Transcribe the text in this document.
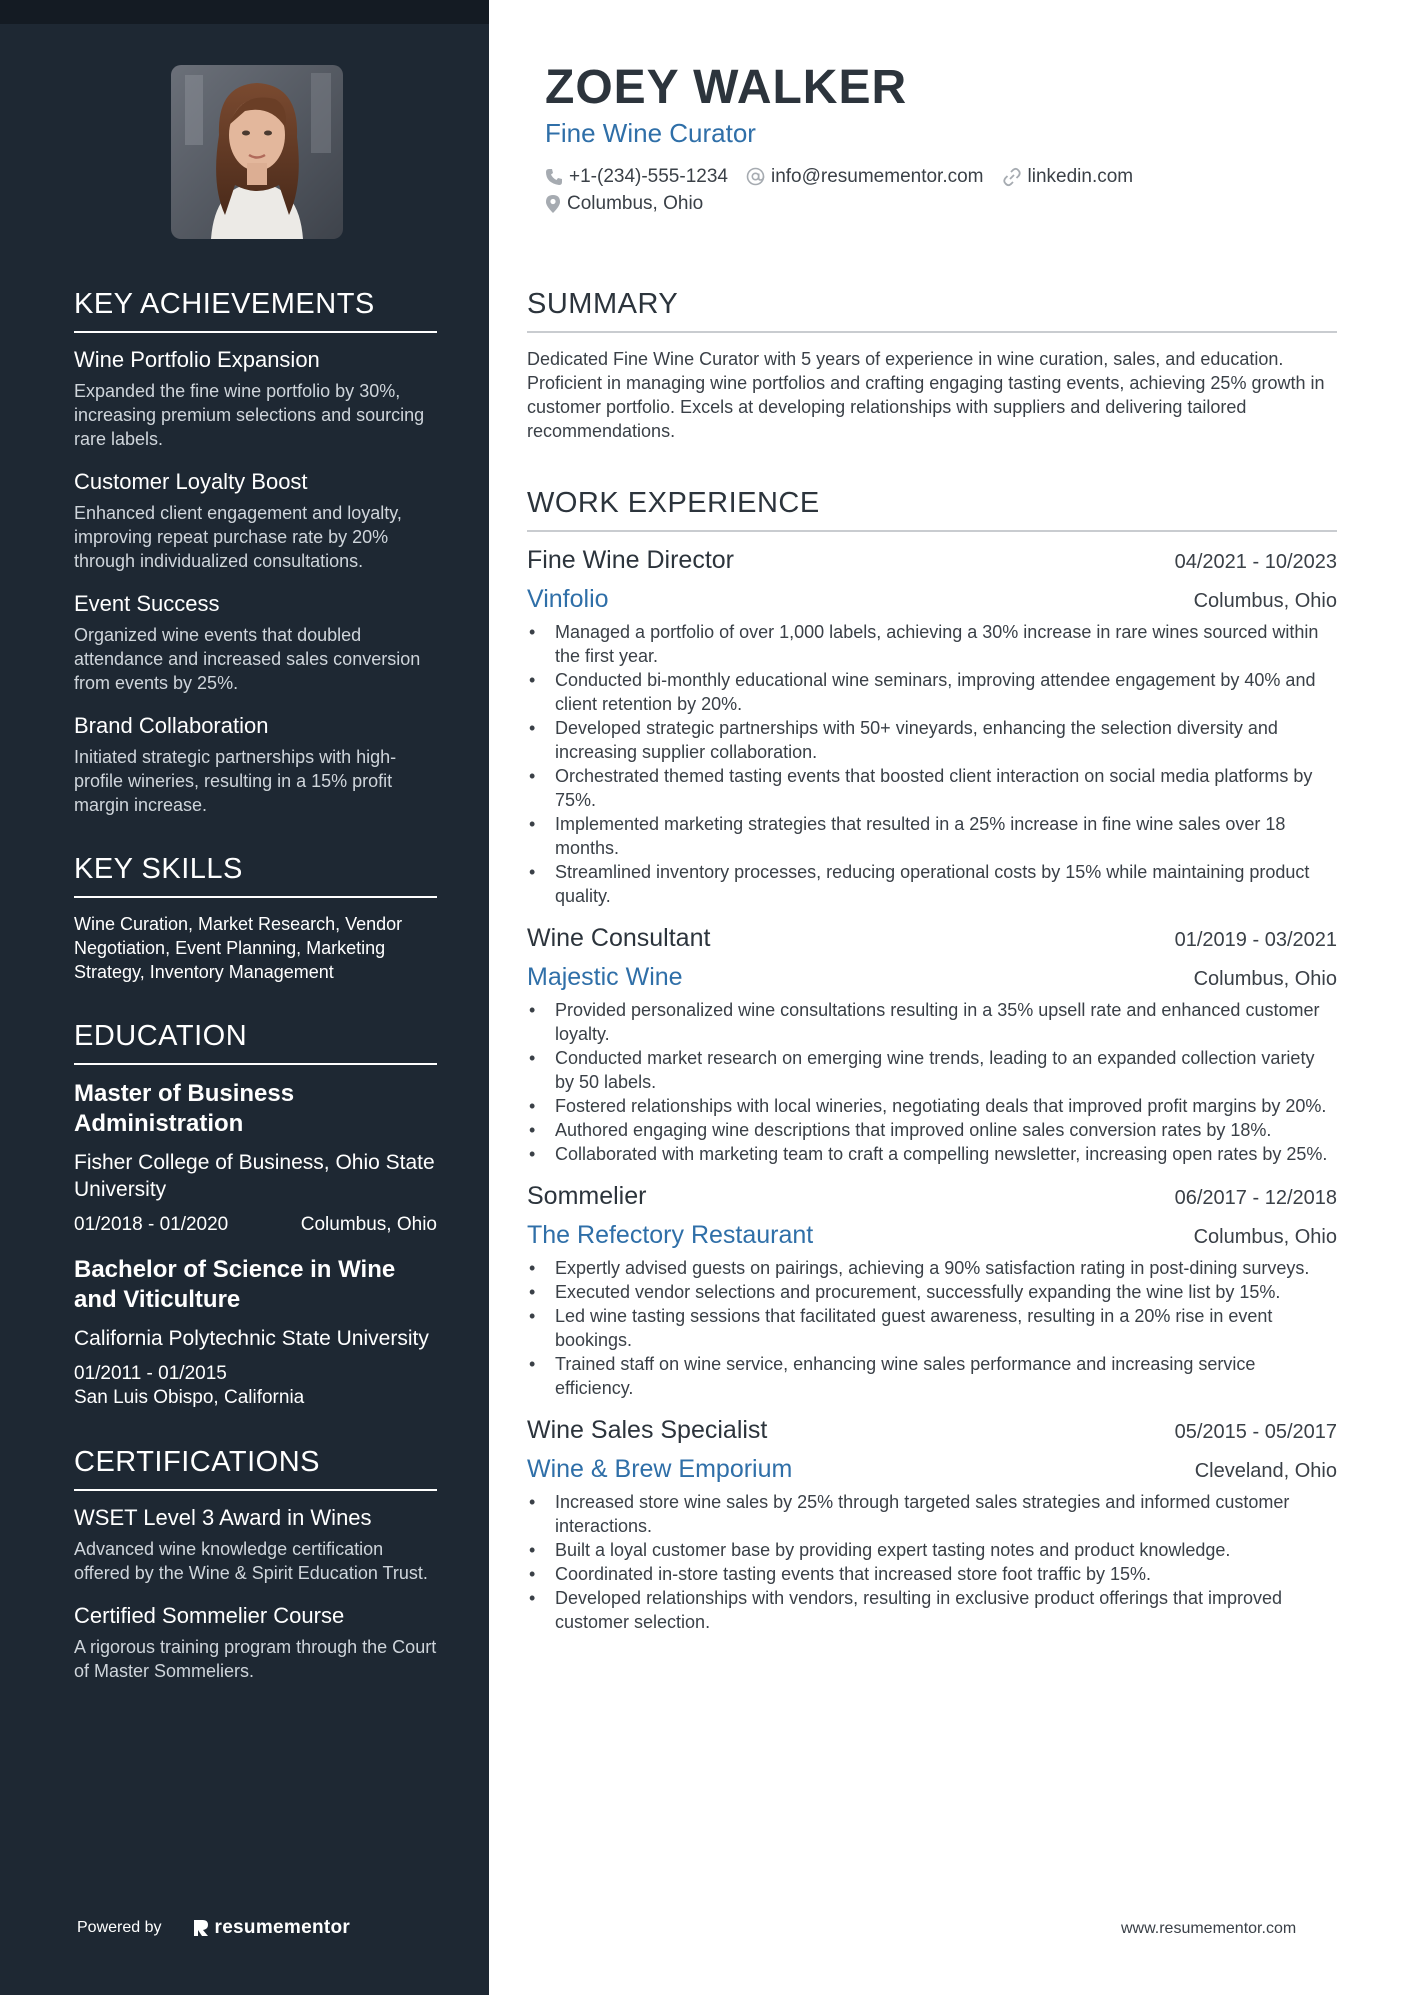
KEY ACHIEVEMENTS
Wine Portfolio Expansion
Expanded the fine wine portfolio by 30%, increasing premium selections and sourcing rare labels.
Customer Loyalty Boost
Enhanced client engagement and loyalty, improving repeat purchase rate by 20% through individualized consultations.
Event Success
Organized wine events that doubled attendance and increased sales conversion from events by 25%.
Brand Collaboration
Initiated strategic partnerships with high-profile wineries, resulting in a 15% profit margin increase.
KEY SKILLS
Wine Curation, Market Research, Vendor Negotiation, Event Planning, Marketing Strategy, Inventory Management
EDUCATION
Master of Business Administration
Fisher College of Business, Ohio State University
01/2018 - 01/2020	Columbus, Ohio
Bachelor of Science in Wine and Viticulture
California Polytechnic State University
01/2011 - 01/2015
San Luis Obispo, California
CERTIFICATIONS
WSET Level 3 Award in Wines
Advanced wine knowledge certification offered by the Wine & Spirit Education Trust.
Certified Sommelier Course
A rigorous training program through the Court of Master Sommeliers.
Powered by	resumementor
ZOEY WALKER
Fine Wine Curator
+1-(234)-555-1234 info@resumementor.com linkedin.com
Columbus, Ohio
SUMMARY
Dedicated Fine Wine Curator with 5 years of experience in wine curation, sales, and education. Proficient in managing wine portfolios and crafting engaging tasting events, achieving 25% growth in customer portfolio. Excels at developing relationships with suppliers and delivering tailored recommendations.
WORK EXPERIENCE
Fine Wine Director	04/2021 - 10/2023
Vinfolio	Columbus, Ohio
• Managed a portfolio of over 1,000 labels, achieving a 30% increase in rare wines sourced within the first year.
• Conducted bi-monthly educational wine seminars, improving attendee engagement by 40% and client retention by 20%.
• Developed strategic partnerships with 50+ vineyards, enhancing the selection diversity and increasing supplier collaboration.
• Orchestrated themed tasting events that boosted client interaction on social media platforms by 75%.
• Implemented marketing strategies that resulted in a 25% increase in fine wine sales over 18 months.
• Streamlined inventory processes, reducing operational costs by 15% while maintaining product quality.
Wine Consultant	01/2019 - 03/2021
Majestic Wine	Columbus, Ohio
• Provided personalized wine consultations resulting in a 35% upsell rate and enhanced customer loyalty.
• Conducted market research on emerging wine trends, leading to an expanded collection variety by 50 labels.
• Fostered relationships with local wineries, negotiating deals that improved profit margins by 20%.
• Authored engaging wine descriptions that improved online sales conversion rates by 18%.
• Collaborated with marketing team to craft a compelling newsletter, increasing open rates by 25%.
Sommelier	06/2017 - 12/2018
The Refectory Restaurant	Columbus, Ohio
• Expertly advised guests on pairings, achieving a 90% satisfaction rating in post-dining surveys.
• Executed vendor selections and procurement, successfully expanding the wine list by 15%.
• Led wine tasting sessions that facilitated guest awareness, resulting in a 20% rise in event bookings.
• Trained staff on wine service, enhancing wine sales performance and increasing service efficiency.
Wine Sales Specialist	05/2015 - 05/2017
Wine & Brew Emporium	Cleveland, Ohio
• Increased store wine sales by 25% through targeted sales strategies and informed customer interactions.
• Built a loyal customer base by providing expert tasting notes and product knowledge.
• Coordinated in-store tasting events that increased store foot traffic by 15%.
• Developed relationships with vendors, resulting in exclusive product offerings that improved customer selection.
www.resumementor.com
